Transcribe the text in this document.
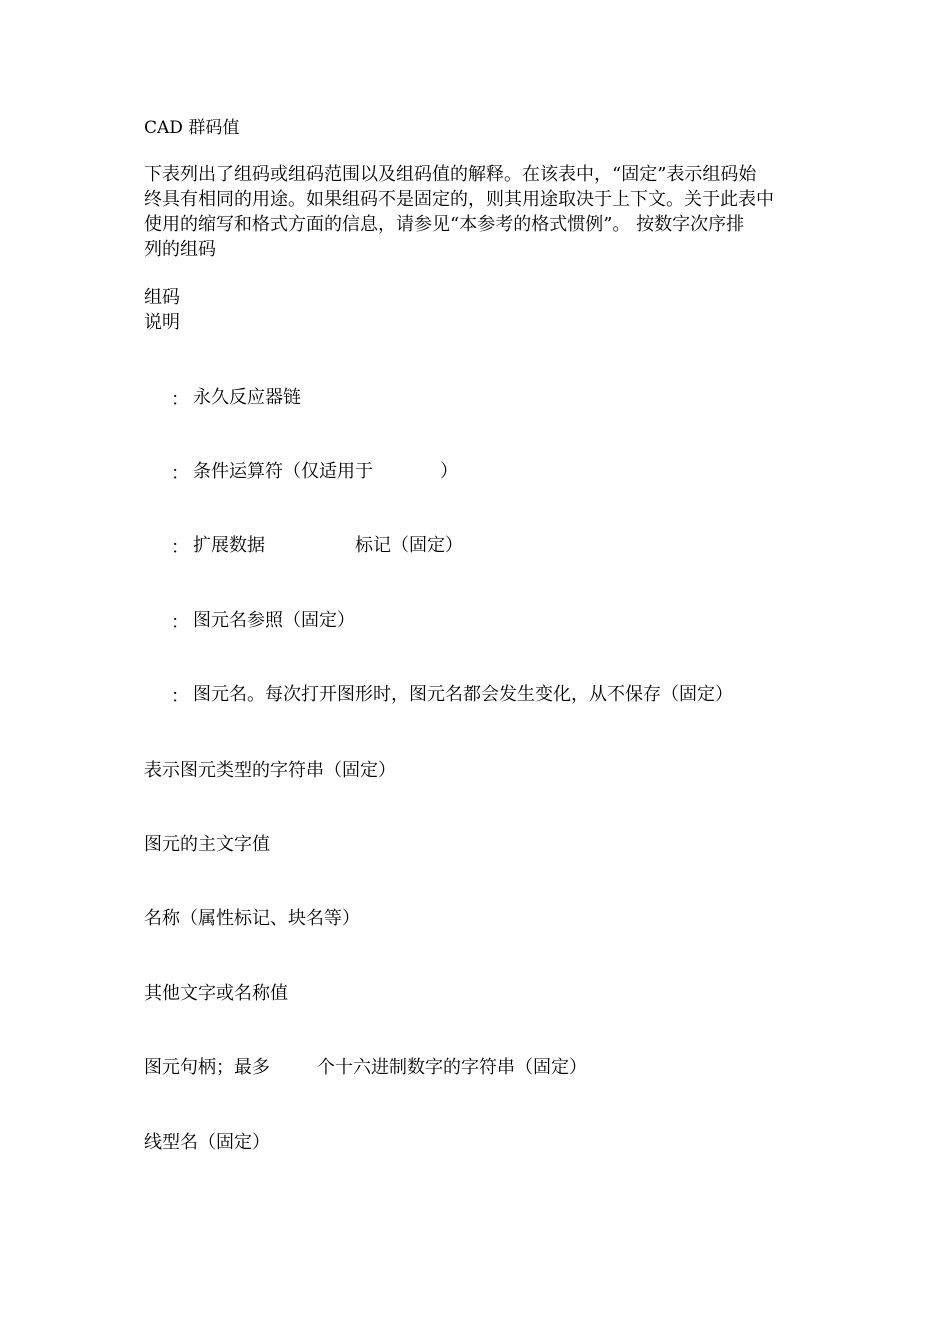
CAD 群码值
下表列出了组码或组码范围以及组码值的解释。在该表中，“固定”表示组码始
终具有相同的用途。如果组码不是固定的，则其用途取决于上下文。关于此表中
使用的缩写和格式方面的信息，请参见“本参考的格式惯例”。 按数字次序排
列的组码
组码
说明
： 永久反应器链
： 条件运算符（仅适用于	）
： 扩展数据	标记（固定）
： 图元名参照（固定）
： 图元名。每次打开图形时，图元名都会发生变化，从不保存（固定）
表示图元类型的字符串（固定）
图元的主文字值
名称（属性标记、块名等）
其他文字或名称值
图元句柄；最多	个十六进制数字的字符串（固定）
线型名（固定）
